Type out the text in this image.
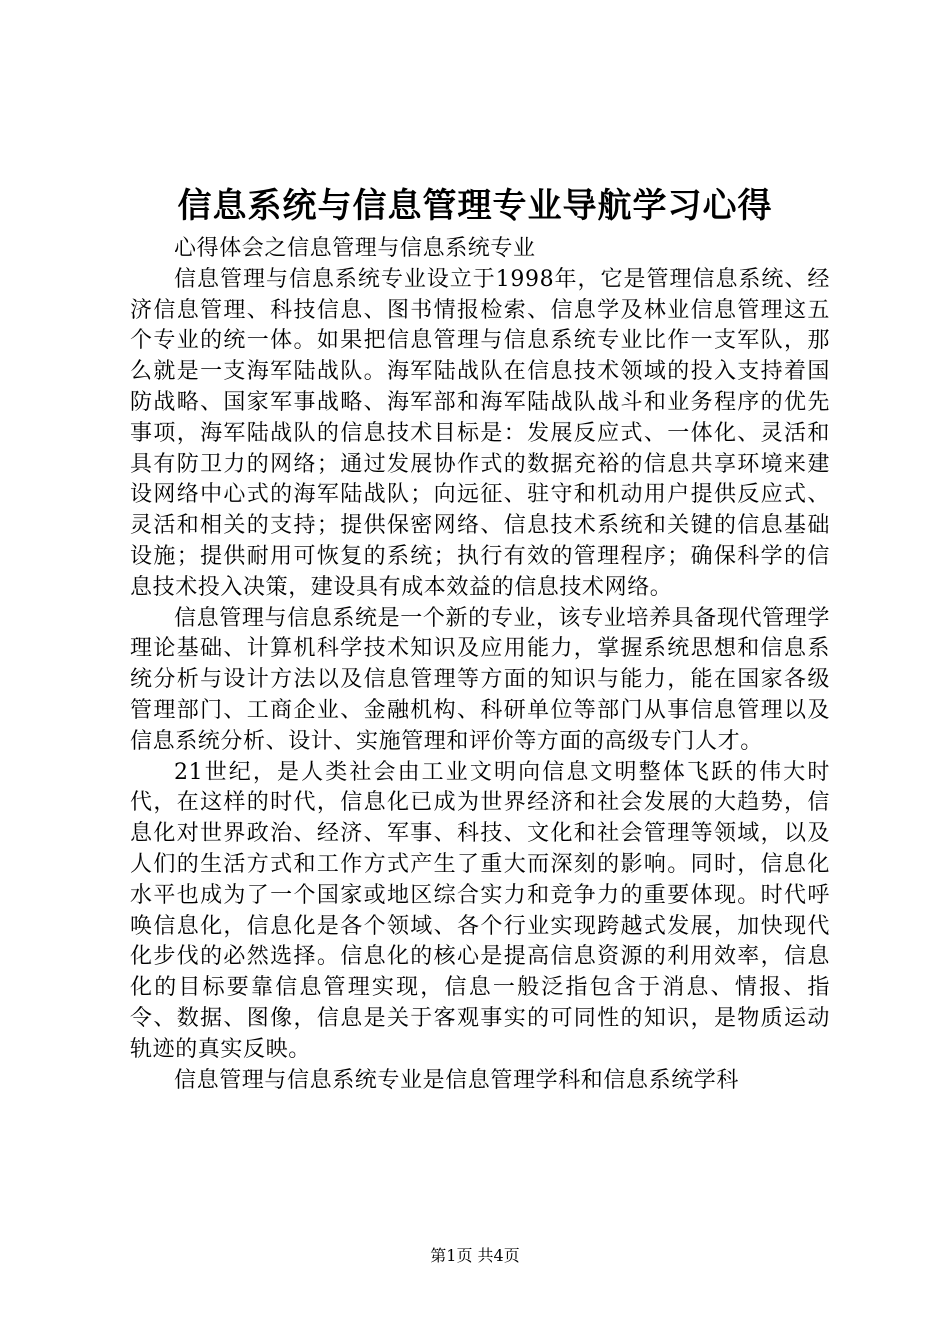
信息系统与信息管理专业导航学习心得

心得体会之信息管理与信息系统专业

信息管理与信息系统专业设立于1998年，它是管理信息系统、经济信息管理、科技信息、图书情报检索、信息学及林业信息管理这五个专业的统一体。如果把信息管理与信息系统专业比作一支军队，那么就是一支海军陆战队。海军陆战队在信息技术领域的投入支持着国防战略、国家军事战略、海军部和海军陆战队战斗和业务程序的优先事项，海军陆战队的信息技术目标是：发展反应式、一体化、灵活和具有防卫力的网络；通过发展协作式的数据充裕的信息共享环境来建设网络中心式的海军陆战队；向远征、驻守和机动用户提供反应式、灵活和相关的支持；提供保密网络、信息技术系统和关键的信息基础设施；提供耐用可恢复的系统；执行有效的管理程序；确保科学的信息技术投入决策，建设具有成本效益的信息技术网络。

信息管理与信息系统是一个新的专业，该专业培养具备现代管理学理论基础、计算机科学技术知识及应用能力，掌握系统思想和信息系统分析与设计方法以及信息管理等方面的知识与能力，能在国家各级管理部门、工商企业、金融机构、科研单位等部门从事信息管理以及信息系统分析、设计、实施管理和评价等方面的高级专门人才。

21世纪，是人类社会由工业文明向信息文明整体飞跃的伟大时代，在这样的时代，信息化已成为世界经济和社会发展的大趋势，信息化对世界政治、经济、军事、科技、文化和社会管理等领域，以及人们的生活方式和工作方式产生了重大而深刻的影响。同时，信息化水平也成为了一个国家或地区综合实力和竞争力的重要体现。时代呼唤信息化，信息化是各个领域、各个行业实现跨越式发展，加快现代化步伐的必然选择。信息化的核心是提高信息资源的利用效率，信息化的目标要靠信息管理实现，信息一般泛指包含于消息、情报、指令、数据、图像，信息是关于客观事实的可同性的知识，是物质运动轨迹的真实反映。

信息管理与信息系统专业是信息管理学科和信息系统学科

第1页 共4页
